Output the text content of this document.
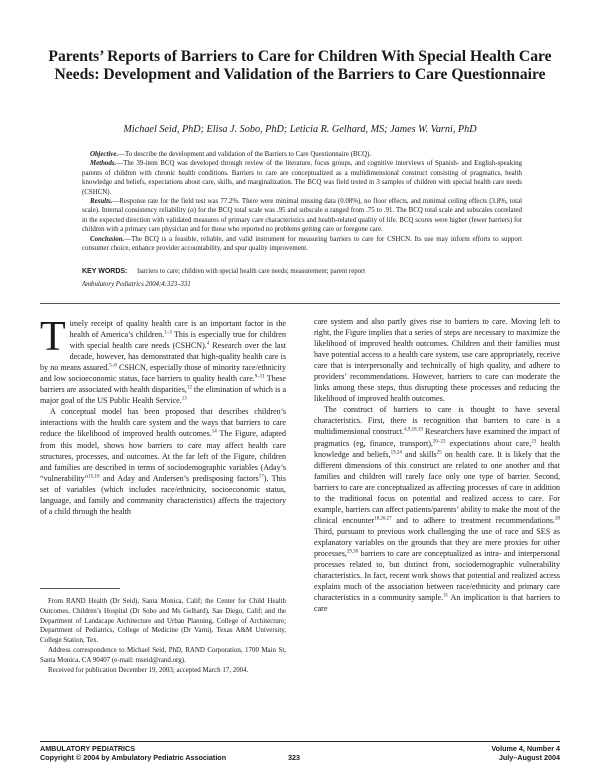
Parents’ Reports of Barriers to Care for Children With Special Health Care Needs: Development and Validation of the Barriers to Care Questionnaire
Michael Seid, PhD; Elisa J. Sobo, PhD; Leticia R. Gelhard, MS; James W. Varni, PhD

Objective.—To describe the development and validation of the Barriers to Care Questionnaire (BCQ).

Methods.—The 39-item BCQ was developed through review of the literature, focus groups, and cognitive interviews of Spanish- and English-speaking parents of children with chronic health conditions. Barriers to care are conceptualized as a multidimensional construct consisting of pragmatics, health knowledge and beliefs, expectations about care, skills, and marginalization. The BCQ was field tested in 3 samples of children with special health care needs (CSHCN).

Results.—Response rate for the field test was 77.2%. There were minimal missing data (0.08%), no floor effects, and minimal ceiling effects (3.8%, total scale). Internal consistency reliability (α) for the BCQ total scale was .95 and subscale α ranged from .75 to .91. The BCQ total scale and subscales correlated in the expected direction with validated measures of primary care characteristics and health-related quality of life. BCQ scores were higher (fewer barriers) for children with a primary care physician and for those who reported no problems getting care or foregone care.

Conclusion.—The BCQ is a feasible, reliable, and valid instrument for measuring barriers to care for CSHCN. Its use may inform efforts to support consumer choice, enhance provider accountability, and spur quality improvement.

KEY WORDS: barriers to care; children with special health care needs; measurement; parent report
Ambulatory Pediatrics 2004;4:323–331

Timely receipt of quality health care is an important factor in the health of America’s children.$^{1-3}$ This is especially true for children with special health care needs (CSHCN).$^4$ Research over the last decade, however, has demonstrated that high-quality health care is by no means assured.$^{5-8}$ CSHCN, especially those of minority race/ethnicity and low socioeconomic status, face barriers to quality health care.$^{9-11}$ These barriers are associated with health disparities,$^{12}$ the elimination of which is a major goal of the US Public Health Service.$^{13}$

A conceptual model has been proposed that describes children’s interactions with the health care system and the ways that barriers to care reduce the likelihood of improved health outcomes.$^{14}$ The Figure, adapted from this model, shows how barriers to care may affect health care structures, processes, and outcomes. At the far left of the Figure, children and families are described in terms of sociodemographic variables (Aday’s “vulnerability”$^{15,16}$ and Aday and Andersen’s predisposing factors$^{17}$). This set of variables (which includes race/ethnicity, socioeconomic status, language, and family and community characteristics) affects the trajectory of a child through the health

From RAND Health (Dr Seid), Santa Monica, Calif; the Center for Child Health Outcomes, Children’s Hospital (Dr Sobo and Ms Gelhard), San Diego, Calif; and the Department of Landscape Architecture and Urban Planning, College of Architecture; Department of Pediatrics, College of Medicine (Dr Varni), Texas A&M University, College Station, Tex.

Address correspondence to Michael Seid, PhD, RAND Corporation, 1700 Main St, Santa Monica, CA 90407 (e-mail: mseid@rand.org).

Received for publication December 19, 2003; accepted March 17, 2004.

care system and also partly gives rise to barriers to care. Moving left to right, the Figure implies that a series of steps are necessary to maximize the likelihood of improved health outcomes. Children and their families must have potential access to a health care system, use care appropriately, receive care that is interpersonally and technically of high quality, and adhere to providers’ recommendations. However, barriers to care can moderate the links among these steps, thus disrupting these processes and reducing the likelihood of improved health outcomes.

The construct of barriers to care is thought to have several characteristics. First, there is recognition that barriers to care is a multidimensional construct.$^{4,9,18,19}$ Researchers have examined the impact of pragmatics (eg, finance, transport),$^{20-22}$ expectations about care,$^{23}$ health knowledge and beliefs,$^{19,24}$ and skills$^{25}$ on health care. It is likely that the different dimensions of this construct are related to one another and that families and children will rarely face only one type of barrier. Second, barriers to care are conceptualized as affecting processes of care in addition to the traditional focus on potential and realized access to care. For example, barriers can affect patients/parents’ ability to make the most of the clinical encounter$^{18,26,27}$ and to adhere to treatment recommendations.$^{28}$ Third, pursuant to previous work challenging the use of race and SES as explanatory variables on the grounds that they are mere proxies for other processes,$^{29,30}$ barriers to care are conceptualized as intra- and interpersonal processes related to, but distinct from, sociodemographic vulnerability characteristics. In fact, recent work shows that potential and realized access explains much of the association between race/ethnicity and primary care characteristics in a community sample.$^{31}$ An implication is that barriers to care

AMBULATORY PEDIATRICS
Copyright © 2004 by Ambulatory Pediatric Association	323
Volume 4, Number 4
July–August 2004
